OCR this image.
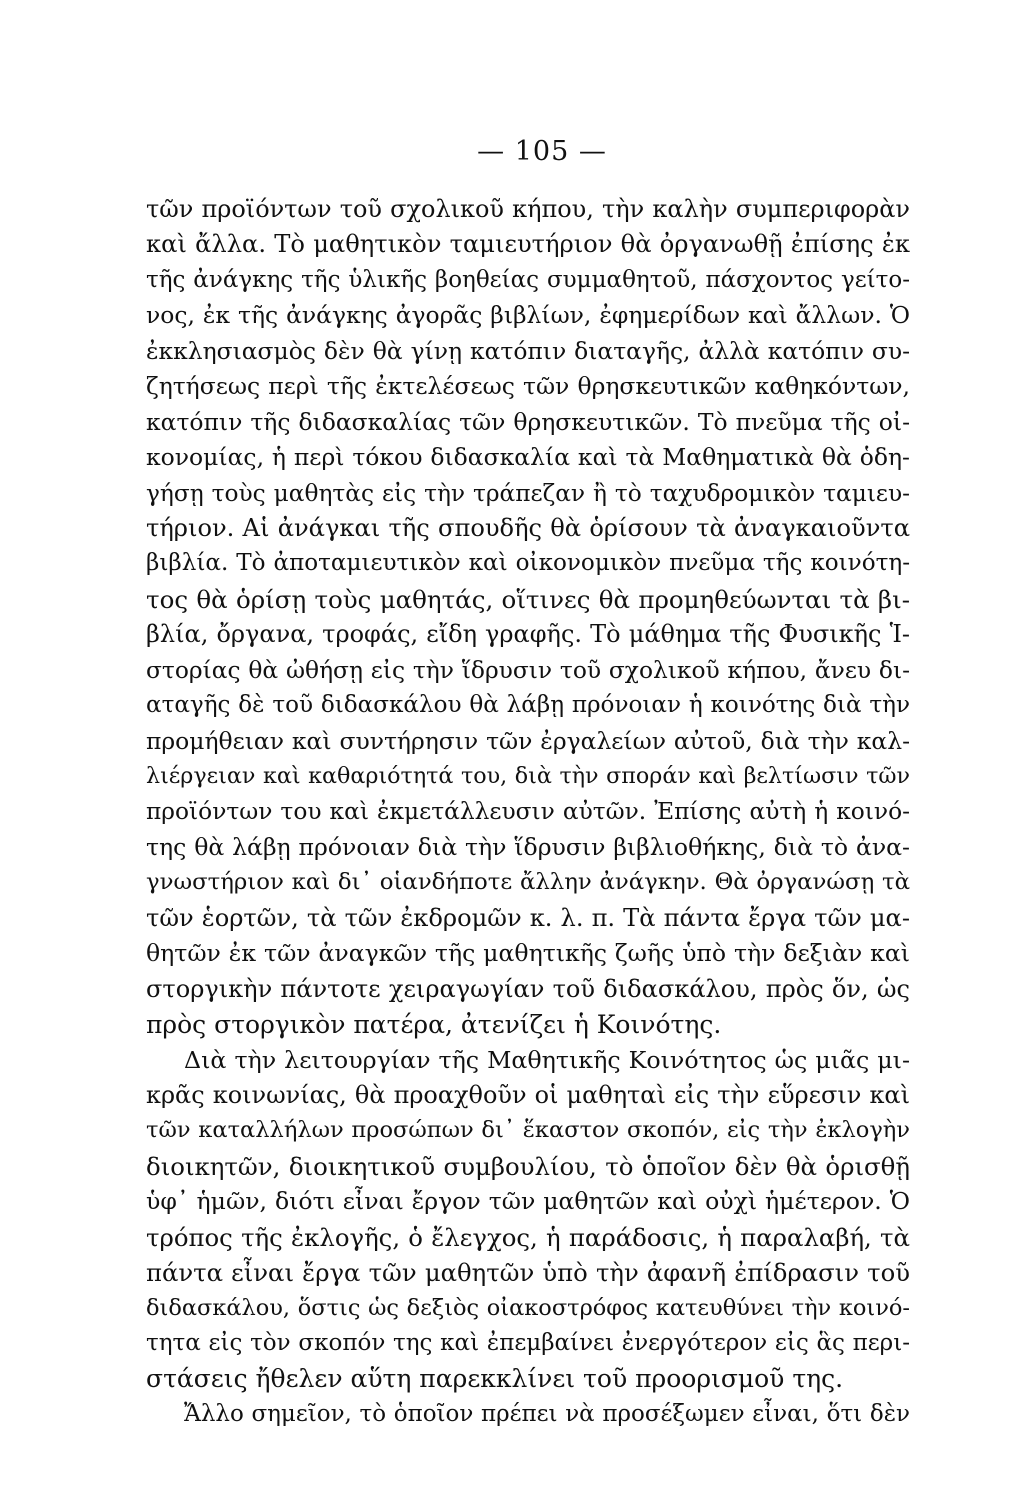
— 105 —
τῶν προϊόντων τοῦ σχολικοῦ κήπου, τὴν καλὴν συμπεριφορὰν
καὶ ἄλλα. Τὸ μαθητικὸν ταμιευτήριον θὰ ὀργανωθῇ ἐπίσης ἐκ
τῆς ἀνάγκης τῆς ὑλικῆς βοηθείας συμμαθητοῦ, πάσχοντος γείτο-
νος, ἐκ τῆς ἀνάγκης ἀγορᾶς βιβλίων, ἐφημερίδων καὶ ἄλλων. Ὁ
ἐκκλησιασμὸς δὲν θὰ γίνῃ κατόπιν διαταγῆς, ἀλλὰ κατόπιν συ-
ζητήσεως περὶ τῆς ἐκτελέσεως τῶν θρησκευτικῶν καθηκόντων,
κατόπιν τῆς διδασκαλίας τῶν θρησκευτικῶν. Τὸ πνεῦμα τῆς οἰ-
κονομίας, ἡ περὶ τόκου διδασκαλία καὶ τὰ Μαθηματικὰ θὰ ὁδη-
γήσῃ τοὺς μαθητὰς εἰς τὴν τράπεζαν ἢ τὸ ταχυδρομικὸν ταμιευ-
τήριον. Αἱ ἀνάγκαι τῆς σπουδῆς θὰ ὁρίσουν τὰ ἀναγκαιοῦντα
βιβλία. Τὸ ἀποταμιευτικὸν καὶ οἰκονομικὸν πνεῦμα τῆς κοινότη-
τος θὰ ὁρίσῃ τοὺς μαθητάς, οἵτινες θὰ προμηθεύωνται τὰ βι-
βλία, ὄργανα, τροφάς, εἴδη γραφῆς. Τὸ μάθημα τῆς Φυσικῆς Ἱ-
στορίας θὰ ὠθήσῃ εἰς τὴν ἵδρυσιν τοῦ σχολικοῦ κήπου, ἄνευ δι-
αταγῆς δὲ τοῦ διδασκάλου θὰ λάβῃ πρόνοιαν ἡ κοινότης διὰ τὴν
προμήθειαν καὶ συντήρησιν τῶν ἐργαλείων αὐτοῦ, διὰ τὴν καλ-
λιέργειαν καὶ καθαριότητά του, διὰ τὴν σποράν καὶ βελτίωσιν τῶν
προϊόντων του καὶ ἐκμετάλλευσιν αὐτῶν. Ἐπίσης αὐτὴ ἡ κοινό-
της θὰ λάβῃ πρόνοιαν διὰ τὴν ἵδρυσιν βιβλιοθήκης, διὰ τὸ ἀνα-
γνωστήριον καὶ δι᾿ οἱανδήποτε ἄλλην ἀνάγκην. Θὰ ὀργανώσῃ τὰ
τῶν ἑορτῶν, τὰ τῶν ἐκδρομῶν κ. λ. π. Τὰ πάντα ἔργα τῶν μα-
θητῶν ἐκ τῶν ἀναγκῶν τῆς μαθητικῆς ζωῆς ὑπὸ τὴν δεξιὰν καὶ
στοργικὴν πάντοτε χειραγωγίαν τοῦ διδασκάλου, πρὸς ὅν, ὡς
πρὸς στοργικὸν πατέρα, ἀτενίζει ἡ Κοινότης.
Διὰ τὴν λειτουργίαν τῆς Μαθητικῆς Κοινότητος ὡς μιᾶς μι-
κρᾶς κοινωνίας, θὰ προαχθοῦν οἱ μαθηταὶ εἰς τὴν εὕρεσιν καὶ
τῶν καταλλήλων προσώπων δι᾿ ἕκαστον σκοπόν, εἰς τὴν ἐκλογὴν
διοικητῶν, διοικητικοῦ συμβουλίου, τὸ ὁποῖον δὲν θὰ ὁρισθῇ
ὑφ᾿ ἡμῶν, διότι εἶναι ἔργον τῶν μαθητῶν καὶ οὐχὶ ἡμέτερον. Ὁ
τρόπος τῆς ἐκλογῆς, ὁ ἔλεγχος, ἡ παράδοσις, ἡ παραλαβή, τὰ
πάντα εἶναι ἔργα τῶν μαθητῶν ὑπὸ τὴν ἀφανῆ ἐπίδρασιν τοῦ
διδασκάλου, ὅστις ὡς δεξιὸς οἰακοστρόφος κατευθύνει τὴν κοινό-
τητα εἰς τὸν σκοπόν της καὶ ἐπεμβαίνει ἐνεργότερον εἰς ἃς περι-
στάσεις ἤθελεν αὕτη παρεκκλίνει τοῦ προορισμοῦ της.
Ἄλλο σημεῖον, τὸ ὁποῖον πρέπει νὰ προσέξωμεν εἶναι, ὅτι δὲν
